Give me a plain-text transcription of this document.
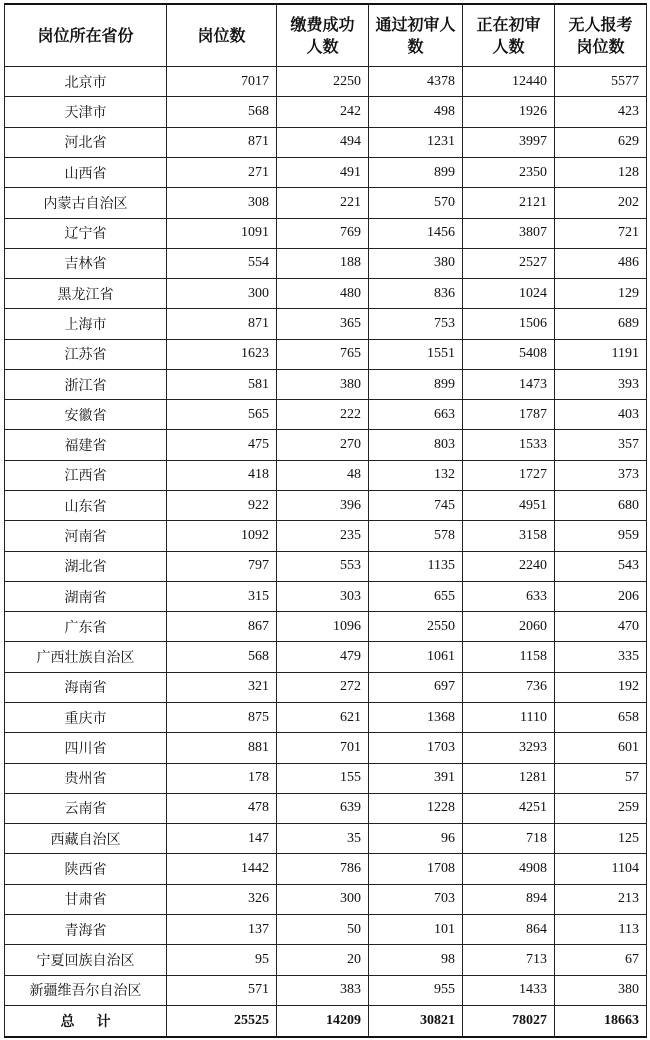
岗位所在省份	岗位数	缴费成功人数	通过初审人数	正在初审人数	无人报考岗位数
北京市	7017	2250	4378	12440	5577
天津市	568	242	498	1926	423
河北省	871	494	1231	3997	629
山西省	271	491	899	2350	128
内蒙古自治区	308	221	570	2121	202
辽宁省	1091	769	1456	3807	721
吉林省	554	188	380	2527	486
黑龙江省	300	480	836	1024	129
上海市	871	365	753	1506	689
江苏省	1623	765	1551	5408	1191
浙江省	581	380	899	1473	393
安徽省	565	222	663	1787	403
福建省	475	270	803	1533	357
江西省	418	48	132	1727	373
山东省	922	396	745	4951	680
河南省	1092	235	578	3158	959
湖北省	797	553	1135	2240	543
湖南省	315	303	655	633	206
广东省	867	1096	2550	2060	470
广西壮族自治区	568	479	1061	1158	335
海南省	321	272	697	736	192
重庆市	875	621	1368	1110	658
四川省	881	701	1703	3293	601
贵州省	178	155	391	1281	57
云南省	478	639	1228	4251	259
西藏自治区	147	35	96	718	125
陕西省	1442	786	1708	4908	1104
甘肃省	326	300	703	894	213
青海省	137	50	101	864	113
宁夏回族自治区	95	20	98	713	67
新疆维吾尔自治区	571	383	955	1433	380
总计	25525	14209	30821	78027	18663
